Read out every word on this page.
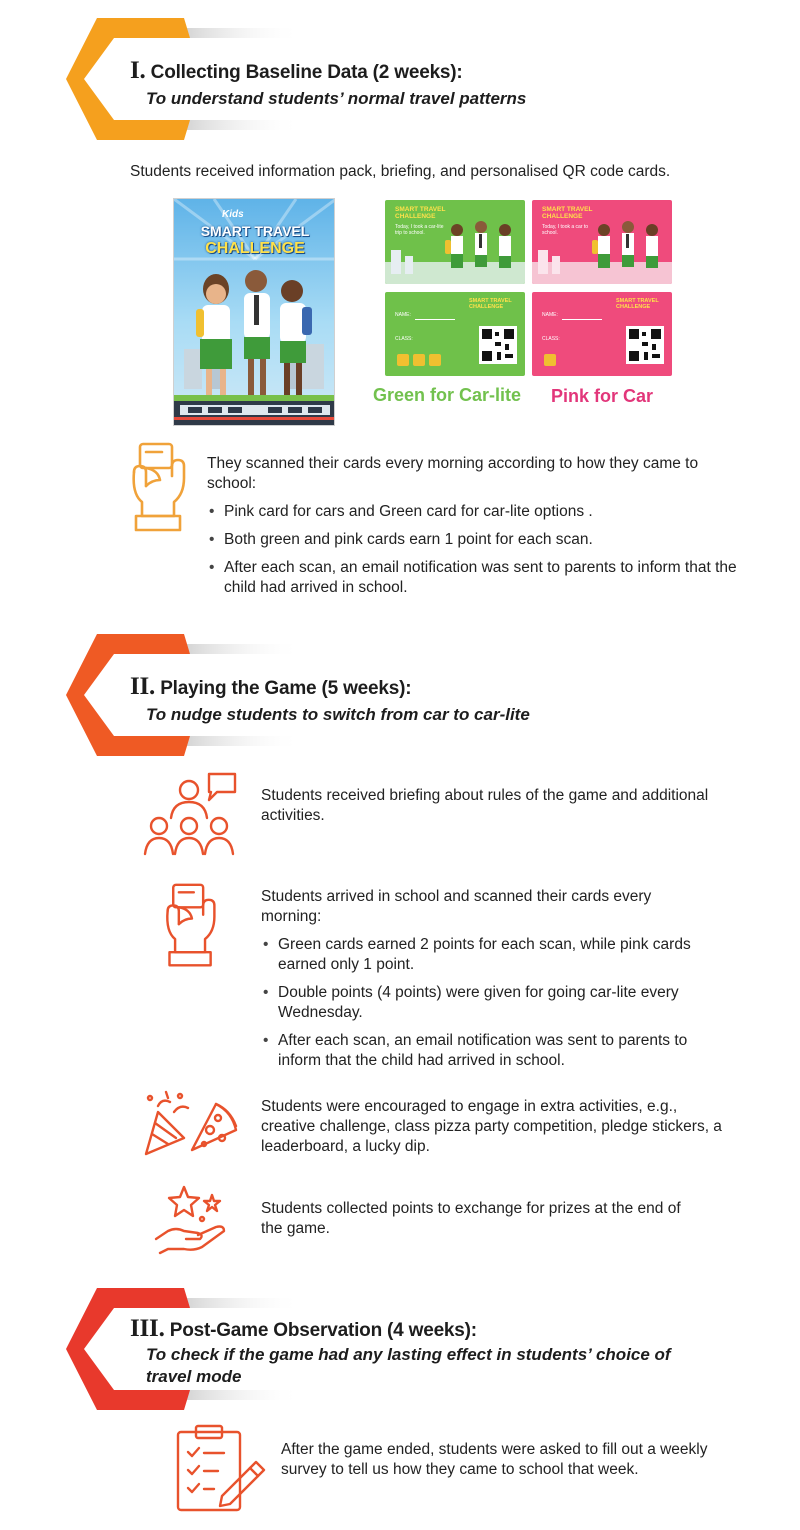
I. Collecting Baseline Data (2 weeks):
To understand students’ normal travel patterns
Students received information pack, briefing, and personalised QR code cards.
Kids
SMART TRAVEL
CHALLENGE
SMART TRAVEL
CHALLENGE
Today, I took a car-lite trip to school.
SMART TRAVEL
CHALLENGE
Today, I took a car to school.
NAME:
CLASS:
SMART TRAVEL
CHALLENGE
NAME:
CLASS:
SMART TRAVEL
CHALLENGE
Green for Car-lite Pink for Car
They scanned their cards every morning according to how they came to school:
• Pink card for cars and Green card for car-lite options .
• Both green and pink cards earn 1 point for each scan.
• After each scan, an email notification was sent to parents to inform that the child had arrived in school.
II. Playing the Game (5 weeks):
To nudge students to switch from car to car-lite
Students received briefing about rules of the game and additional activities.
Students arrived in school and scanned their cards every morning:
• Green cards earned 2 points for each scan, while pink cards earned only 1 point.
• Double points (4 points) were given for going car-lite every Wednesday.
• After each scan, an email notification was sent to parents to inform that the child had arrived in school.
Students were encouraged to engage in extra activities, e.g., creative challenge, class pizza party competition, pledge stickers, a leaderboard, a lucky dip.
Students collected points to exchange for prizes at the end of the game.
III. Post-Game Observation (4 weeks):
To check if the game had any lasting effect in students’ choice of travel mode
After the game ended, students were asked to fill out a weekly survey to tell us how they came to school that week.
